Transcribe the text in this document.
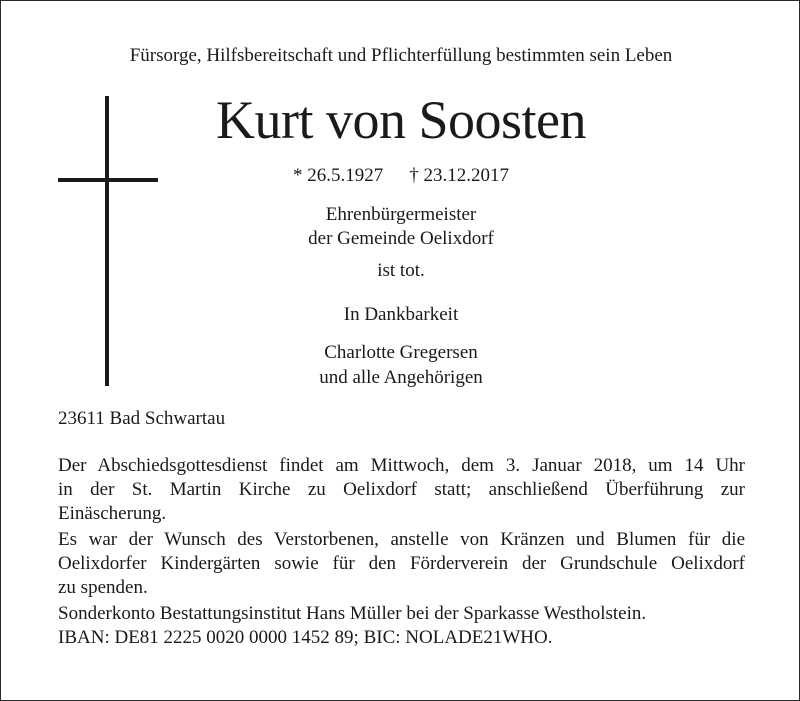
Fürsorge, Hilfsbereitschaft und Pflichterfüllung bestimmten sein Leben
Kurt von Soosten
* 26.5.1927 † 23.12.2017
Ehrenbürgermeister
der Gemeinde Oelixdorf
ist tot.
In Dankbarkeit
Charlotte Gregersen
und alle Angehörigen
23611 Bad Schwartau
Der Abschiedsgottesdienst findet am Mittwoch, dem 3. Januar 2018, um 14 Uhr
in der St. Martin Kirche zu Oelixdorf statt; anschließend Überführung zur
Einäscherung.
Es war der Wunsch des Verstorbenen, anstelle von Kränzen und Blumen für die
Oelixdorfer Kindergärten sowie für den Förderverein der Grundschule Oelixdorf
zu spenden.
Sonderkonto Bestattungsinstitut Hans Müller bei der Sparkasse Westholstein.
IBAN: DE81 2225 0020 0000 1452 89; BIC: NOLADE21WHO.
